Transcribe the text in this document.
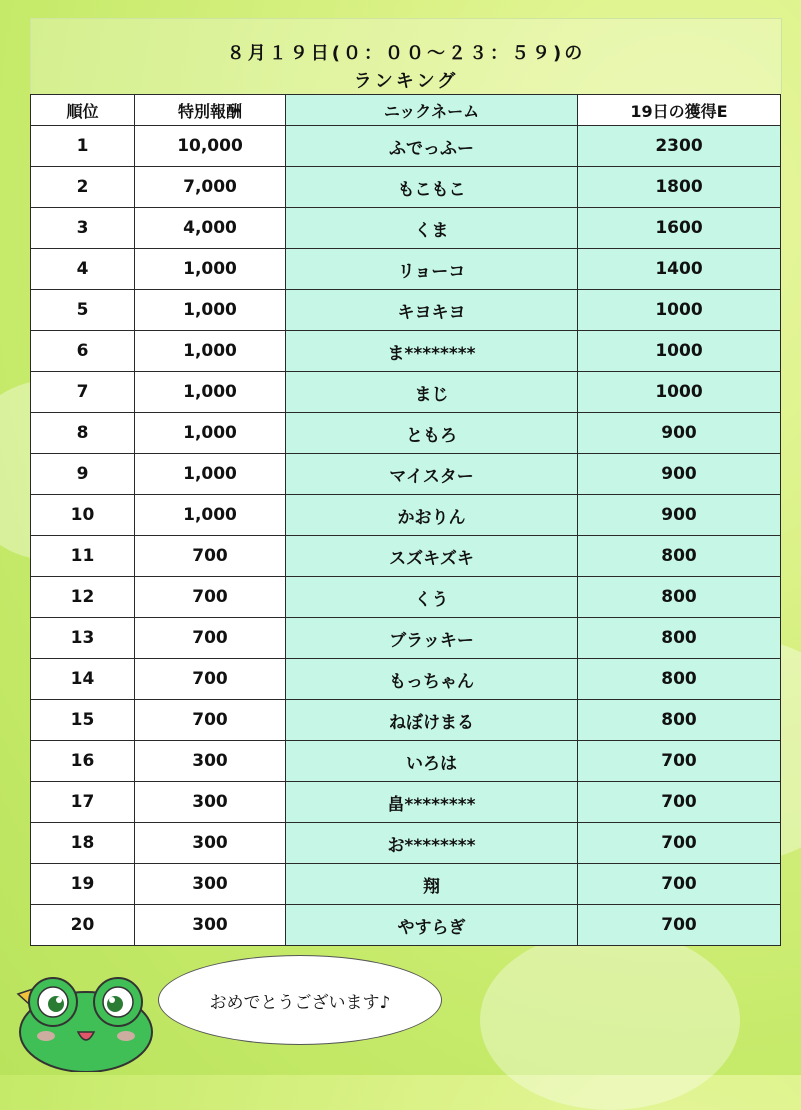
８月１９日(０：００～２３：５９)の
ランキング
順位	特別報酬	ニックネーム	19日の獲得E
1	10,000	ふでっふー	2300
2	7,000	もこもこ	1800
3	4,000	くま	1600
4	1,000	リョーコ	1400
5	1,000	キヨキヨ	1000
6	1,000	ま********	1000
7	1,000	まじ	1000
8	1,000	ともろ	900
9	1,000	マイスター	900
10	1,000	かおりん	900
11	700	スズキズキ	800
12	700	くう	800
13	700	ブラッキー	800
14	700	もっちゃん	800
15	700	ねぼけまる	800
16	300	いろは	700
17	300	畠********	700
18	300	お********	700
19	300	翔	700
20	300	やすらぎ	700
おめでとうございます♪
